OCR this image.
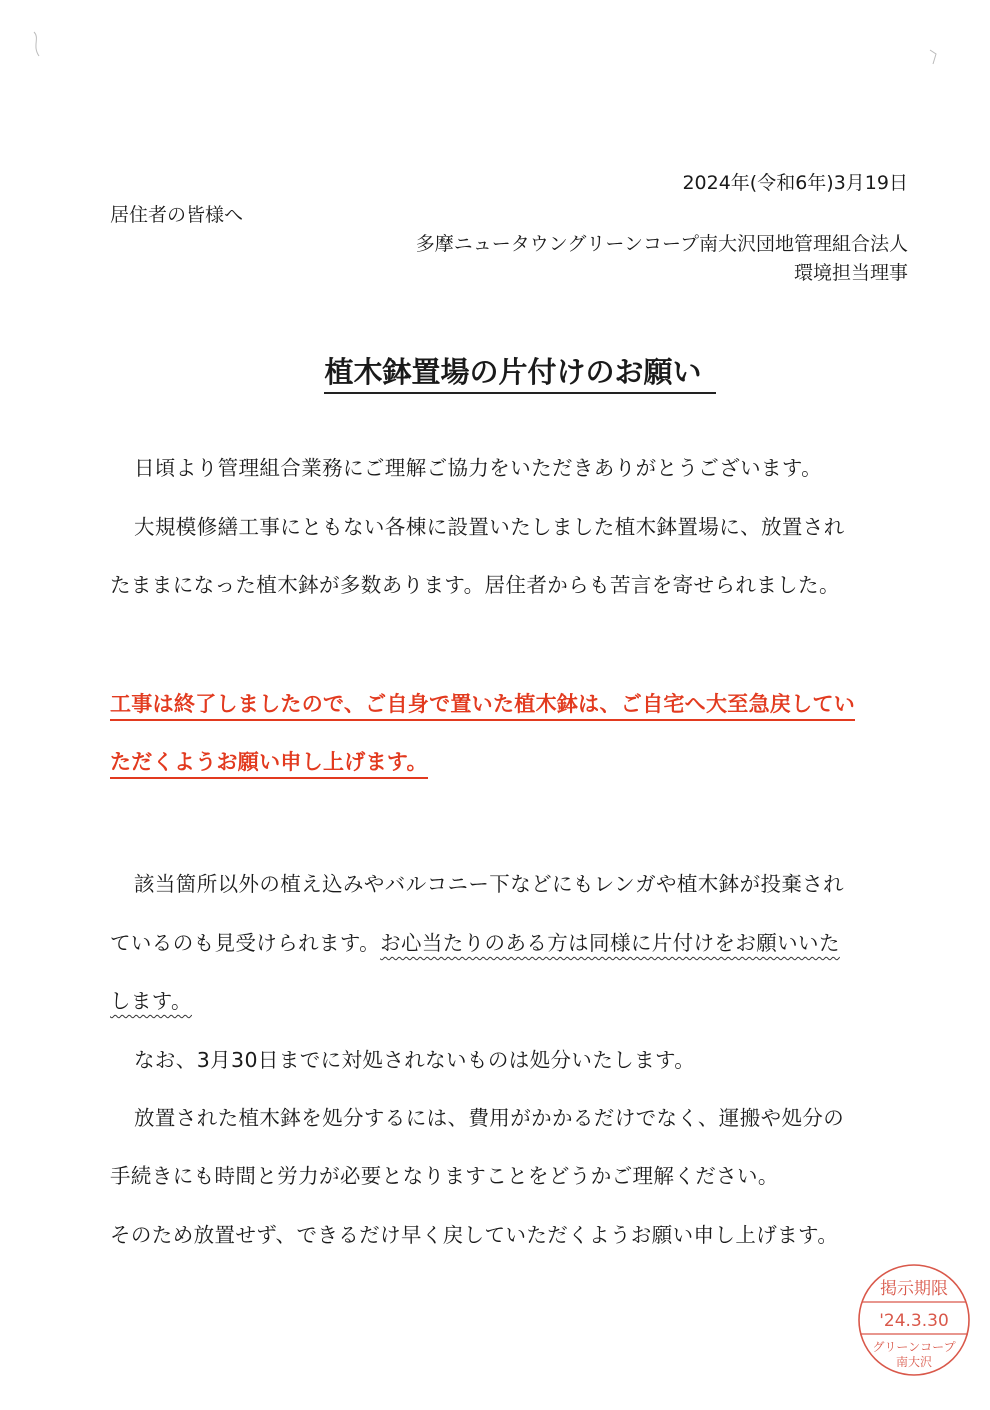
2024年(令和6年)3月19日
居住者の皆様へ
多摩ニュータウングリーンコープ南大沢団地管理組合法人
環境担当理事
植木鉢置場の片付けのお願い
日頃より管理組合業務にご理解ご協力をいただきありがとうございます。
大規模修繕工事にともない各棟に設置いたしました植木鉢置場に、放置され
たままになった植木鉢が多数あります。居住者からも苦言を寄せられました。
工事は終了しましたので、ご自身で置いた植木鉢は、ご自宅へ大至急戻してい
ただくようお願い申し上げます。
該当箇所以外の植え込みやバルコニー下などにもレンガや植木鉢が投棄され
ているのも見受けられます。お心当たりのある方は同様に片付けをお願いいた
します。
なお、3月30日までに対処されないものは処分いたします。
放置された植木鉢を処分するには、費用がかかるだけでなく、運搬や処分の
手続きにも時間と労力が必要となりますことをどうかご理解ください。
そのため放置せず、できるだけ早く戻していただくようお願い申し上げます。
掲示期限
'24.3.30
グリーンコープ
南大沢
